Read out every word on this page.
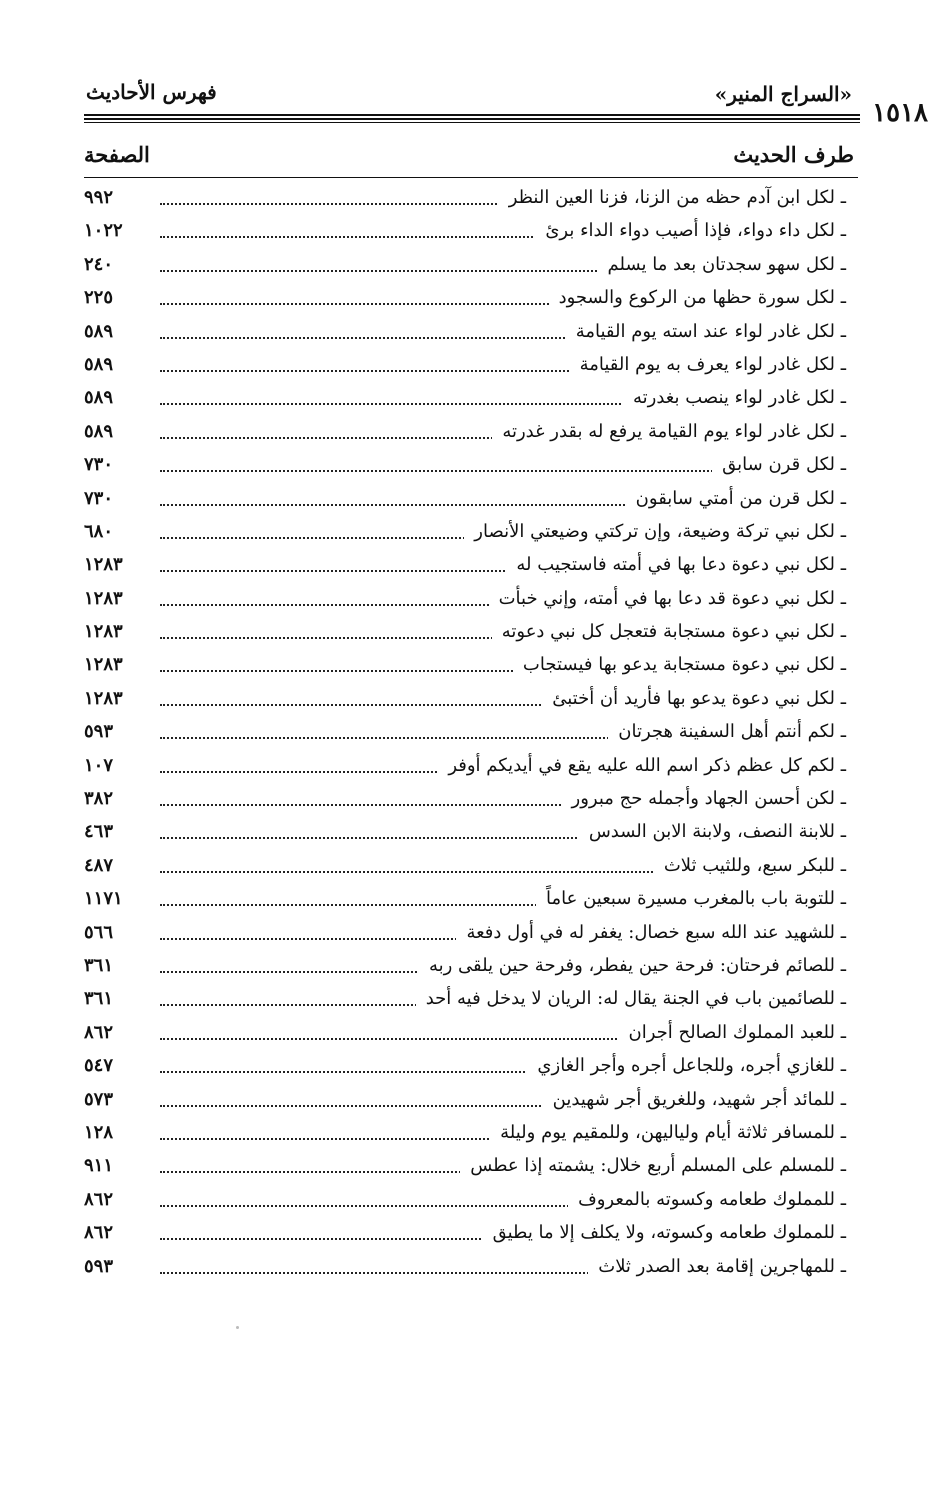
فهرس الأحاديث	«السراج المنير»
١٥١٨
طرف الحديث
الصفحة
ـ لكل ابن آدم حظه من الزنا، فزنا العين النظر
٩٩٢
ـ لكل داء دواء، فإذا أصيب دواء الداء برئ
١٠٢٢
ـ لكل سهو سجدتان بعد ما يسلم
٢٤٠
ـ لكل سورة حظها من الركوع والسجود
٢٢٥
ـ لكل غادر لواء عند استه يوم القيامة
٥٨٩
ـ لكل غادر لواء يعرف به يوم القيامة
٥٨٩
ـ لكل غادر لواء ينصب بغدرته
٥٨٩
ـ لكل غادر لواء يوم القيامة يرفع له بقدر غدرته
٥٨٩
ـ لكل قرن سابق
٧٣٠
ـ لكل قرن من أمتي سابقون
٧٣٠
ـ لكل نبي تركة وضيعة، وإن تركتي وضيعتي الأنصار
٦٨٠
ـ لكل نبي دعوة دعا بها في أمته فاستجيب له
١٢٨٣
ـ لكل نبي دعوة قد دعا بها في أمته، وإني خبأت
١٢٨٣
ـ لكل نبي دعوة مستجابة فتعجل كل نبي دعوته
١٢٨٣
ـ لكل نبي دعوة مستجابة يدعو بها فيستجاب
١٢٨٣
ـ لكل نبي دعوة يدعو بها فأريد أن أختبئ
١٢٨٣
ـ لكم أنتم أهل السفينة هجرتان
٥٩٣
ـ لكم كل عظم ذكر اسم الله عليه يقع في أيديكم أوفر
١٠٧
ـ لكن أحسن الجهاد وأجمله حج مبرور
٣٨٢
ـ للابنة النصف، ولابنة الابن السدس
٤٦٣
ـ للبكر سبع، وللثيب ثلاث
٤٨٧
ـ للتوبة باب بالمغرب مسيرة سبعين عاماً
١١٧١
ـ للشهيد عند الله سبع خصال: يغفر له في أول دفعة
٥٦٦
ـ للصائم فرحتان: فرحة حين يفطر، وفرحة حين يلقى ربه
٣٦١
ـ للصائمين باب في الجنة يقال له: الريان لا يدخل فيه أحد
٣٦١
ـ للعبد المملوك الصالح أجران
٨٦٢
ـ للغازي أجره، وللجاعل أجره وأجر الغازي
٥٤٧
ـ للمائد أجر شهيد، وللغريق أجر شهيدين
٥٧٣
ـ للمسافر ثلاثة أيام ولياليهن، وللمقيم يوم وليلة
١٢٨
ـ للمسلم على المسلم أربع خلال: يشمته إذا عطس
٩١١
ـ للمملوك طعامه وكسوته بالمعروف
٨٦٢
ـ للمملوك طعامه وكسوته، ولا يكلف إلا ما يطيق
٨٦٢
ـ للمهاجرين إقامة بعد الصدر ثلاث
٥٩٣
